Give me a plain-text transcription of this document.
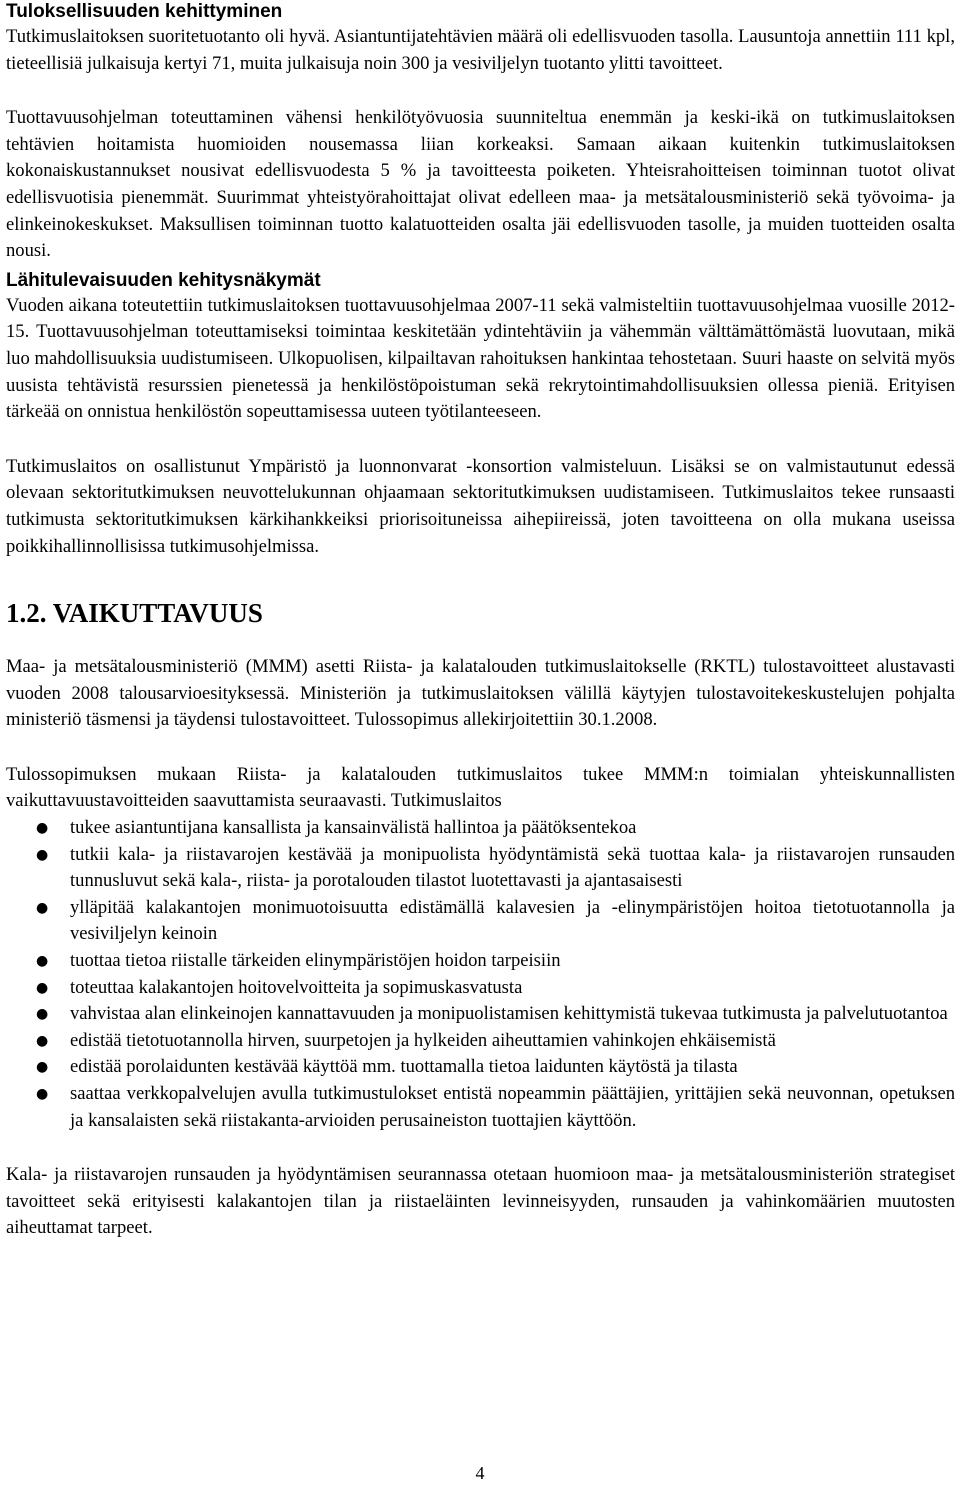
Tuloksellisuuden kehittyminen

Tutkimuslaitoksen suoritetuotanto oli hyvä. Asiantuntijatehtävien määrä oli edellisvuoden tasolla. Lausuntoja annettiin 111 kpl, tieteellisiä julkaisuja kertyi 71, muita julkaisuja noin 300 ja vesiviljelyn tuotanto ylitti tavoitteet.

Tuottavuusohjelman toteuttaminen vähensi henkilötyövuosia suunniteltua enemmän ja keski-ikä on tutkimuslaitoksen tehtävien hoitamista huomioiden nousemassa liian korkeaksi. Samaan aikaan kuitenkin tutkimuslaitoksen kokonaiskustannukset nousivat edellisvuodesta 5 % ja tavoitteesta poiketen. Yhteisrahoitteisen toiminnan tuotot olivat edellisvuotisia pienemmät. Suurimmat yhteistyörahoittajat olivat edelleen maa- ja metsätalousministeriö sekä työvoima- ja elinkeinokeskukset. Maksullisen toiminnan tuotto kalatuotteiden osalta jäi edellisvuoden tasolle, ja muiden tuotteiden osalta nousi.

Lähitulevaisuuden kehitysnäkymät

Vuoden aikana toteutettiin tutkimuslaitoksen tuottavuusohjelmaa 2007-11 sekä valmisteltiin tuottavuusohjelmaa vuosille 2012-15. Tuottavuusohjelman toteuttamiseksi toimintaa keskitetään ydintehtäviin ja vähemmän välttämättömästä luovutaan, mikä luo mahdollisuuksia uudistumiseen. Ulkopuolisen, kilpailtavan rahoituksen hankintaa tehostetaan. Suuri haaste on selvitä myös uusista tehtävistä resurssien pienetessä ja henkilöstöpoistuman sekä rekrytointimahdollisuuksien ollessa pieniä. Erityisen tärkeää on onnistua henkilöstön sopeuttamisessa uuteen työtilanteeseen.

Tutkimuslaitos on osallistunut Ympäristö ja luonnonvarat -konsortion valmisteluun. Lisäksi se on valmistautunut edessä olevaan sektoritutkimuksen neuvottelukunnan ohjaamaan sektoritutkimuksen uudistamiseen. Tutkimuslaitos tekee runsaasti tutkimusta sektoritutkimuksen kärkihankkeiksi priorisoituneissa aihepiireissä, joten tavoitteena on olla mukana useissa poikkihallinnollisissa tutkimusohjelmissa.

1.2. VAIKUTTAVUUS

Maa- ja metsätalousministeriö (MMM) asetti Riista- ja kalatalouden tutkimuslaitokselle (RKTL) tulostavoitteet alustavasti vuoden 2008 talousarvioesityksessä. Ministeriön ja tutkimuslaitoksen välillä käytyjen tulostavoitekeskustelujen pohjalta ministeriö täsmensi ja täydensi tulostavoitteet. Tulossopimus allekirjoitettiin 30.1.2008.

Tulossopimuksen mukaan Riista- ja kalatalouden tutkimuslaitos tukee MMM:n toimialan yhteiskunnallisten vaikuttavuustavoitteiden saavuttamista seuraavasti. Tutkimuslaitos

● tukee asiantuntijana kansallista ja kansainvälistä hallintoa ja päätöksentekoa
● tutkii kala- ja riistavarojen kestävää ja monipuolista hyödyntämistä sekä tuottaa kala- ja riistavarojen runsauden tunnusluvut sekä kala-, riista- ja porotalouden tilastot luotettavasti ja ajantasaisesti
● ylläpitää kalakantojen monimuotoisuutta edistämällä kalavesien ja -elinympäristöjen hoitoa tietotuotannolla ja vesiviljelyn keinoin
● tuottaa tietoa riistalle tärkeiden elinympäristöjen hoidon tarpeisiin
● toteuttaa kalakantojen hoitovelvoitteita ja sopimuskasvatusta
● vahvistaa alan elinkeinojen kannattavuuden ja monipuolistamisen kehittymistä tukevaa tutkimusta ja palvelutuotantoa
● edistää tietotuotannolla hirven, suurpetojen ja hylkeiden aiheuttamien vahinkojen ehkäisemistä
● edistää porolaidunten kestävää käyttöä mm. tuottamalla tietoa laidunten käytöstä ja tilasta
● saattaa verkkopalvelujen avulla tutkimustulokset entistä nopeammin päättäjien, yrittäjien sekä neuvonnan, opetuksen ja kansalaisten sekä riistakanta-arvioiden perusaineiston tuottajien käyttöön.

Kala- ja riistavarojen runsauden ja hyödyntämisen seurannassa otetaan huomioon maa- ja metsätalousministeriön strategiset tavoitteet sekä erityisesti kalakantojen tilan ja riistaeläinten levinneisyyden, runsauden ja vahinkomäärien muutosten aiheuttamat tarpeet.

4
